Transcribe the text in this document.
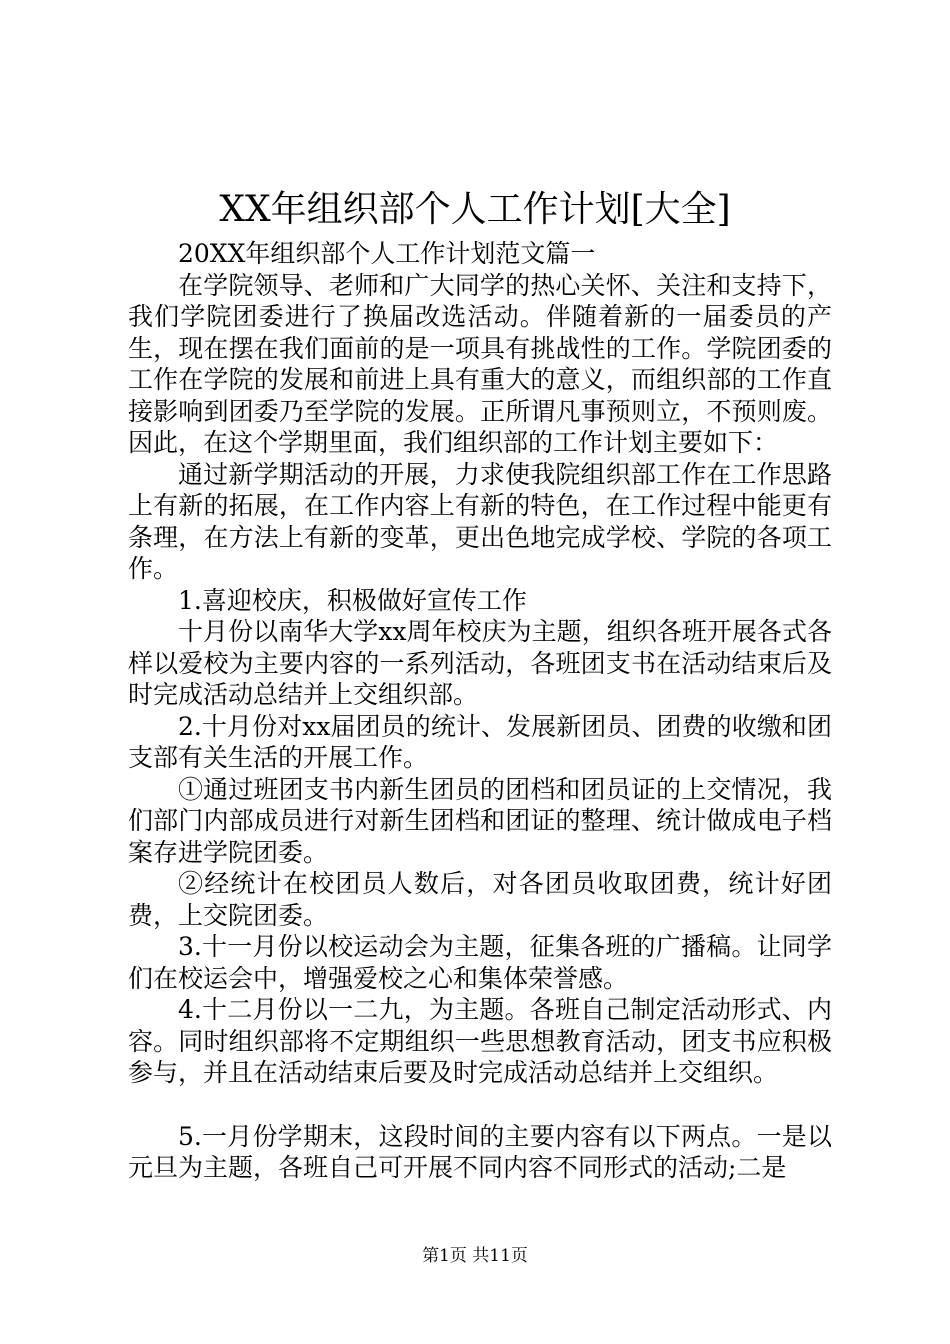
XX年组织部个人工作计划[大全]

20XX年组织部个人工作计划范文篇一

在学院领导、老师和广大同学的热心关怀、关注和支持下，我们学院团委进行了换届改选活动。伴随着新的一届委员的产生，现在摆在我们面前的是一项具有挑战性的工作。学院团委的工作在学院的发展和前进上具有重大的意义，而组织部的工作直接影响到团委乃至学院的发展。正所谓凡事预则立，不预则废。因此，在这个学期里面，我们组织部的工作计划主要如下：

通过新学期活动的开展，力求使我院组织部工作在工作思路上有新的拓展，在工作内容上有新的特色，在工作过程中能更有条理，在方法上有新的变革，更出色地完成学校、学院的各项工作。

1.喜迎校庆，积极做好宣传工作

十月份以南华大学xx周年校庆为主题，组织各班开展各式各样以爱校为主要内容的一系列活动，各班团支书在活动结束后及时完成活动总结并上交组织部。

2.十月份对xx届团员的统计、发展新团员、团费的收缴和团支部有关生活的开展工作。

①通过班团支书内新生团员的团档和团员证的上交情况，我们部门内部成员进行对新生团档和团证的整理、统计做成电子档案存进学院团委。

②经统计在校团员人数后，对各团员收取团费，统计好团费，上交院团委。

3.十一月份以校运动会为主题，征集各班的广播稿。让同学们在校运会中，增强爱校之心和集体荣誉感。

4.十二月份以一二九，为主题。各班自己制定活动形式、内容。同时组织部将不定期组织一些思想教育活动，团支书应积极参与，并且在活动结束后要及时完成活动总结并上交组织。

5.一月份学期末，这段时间的主要内容有以下两点。一是以元旦为主题，各班自己可开展不同内容不同形式的活动;二是

第1页 共11页
